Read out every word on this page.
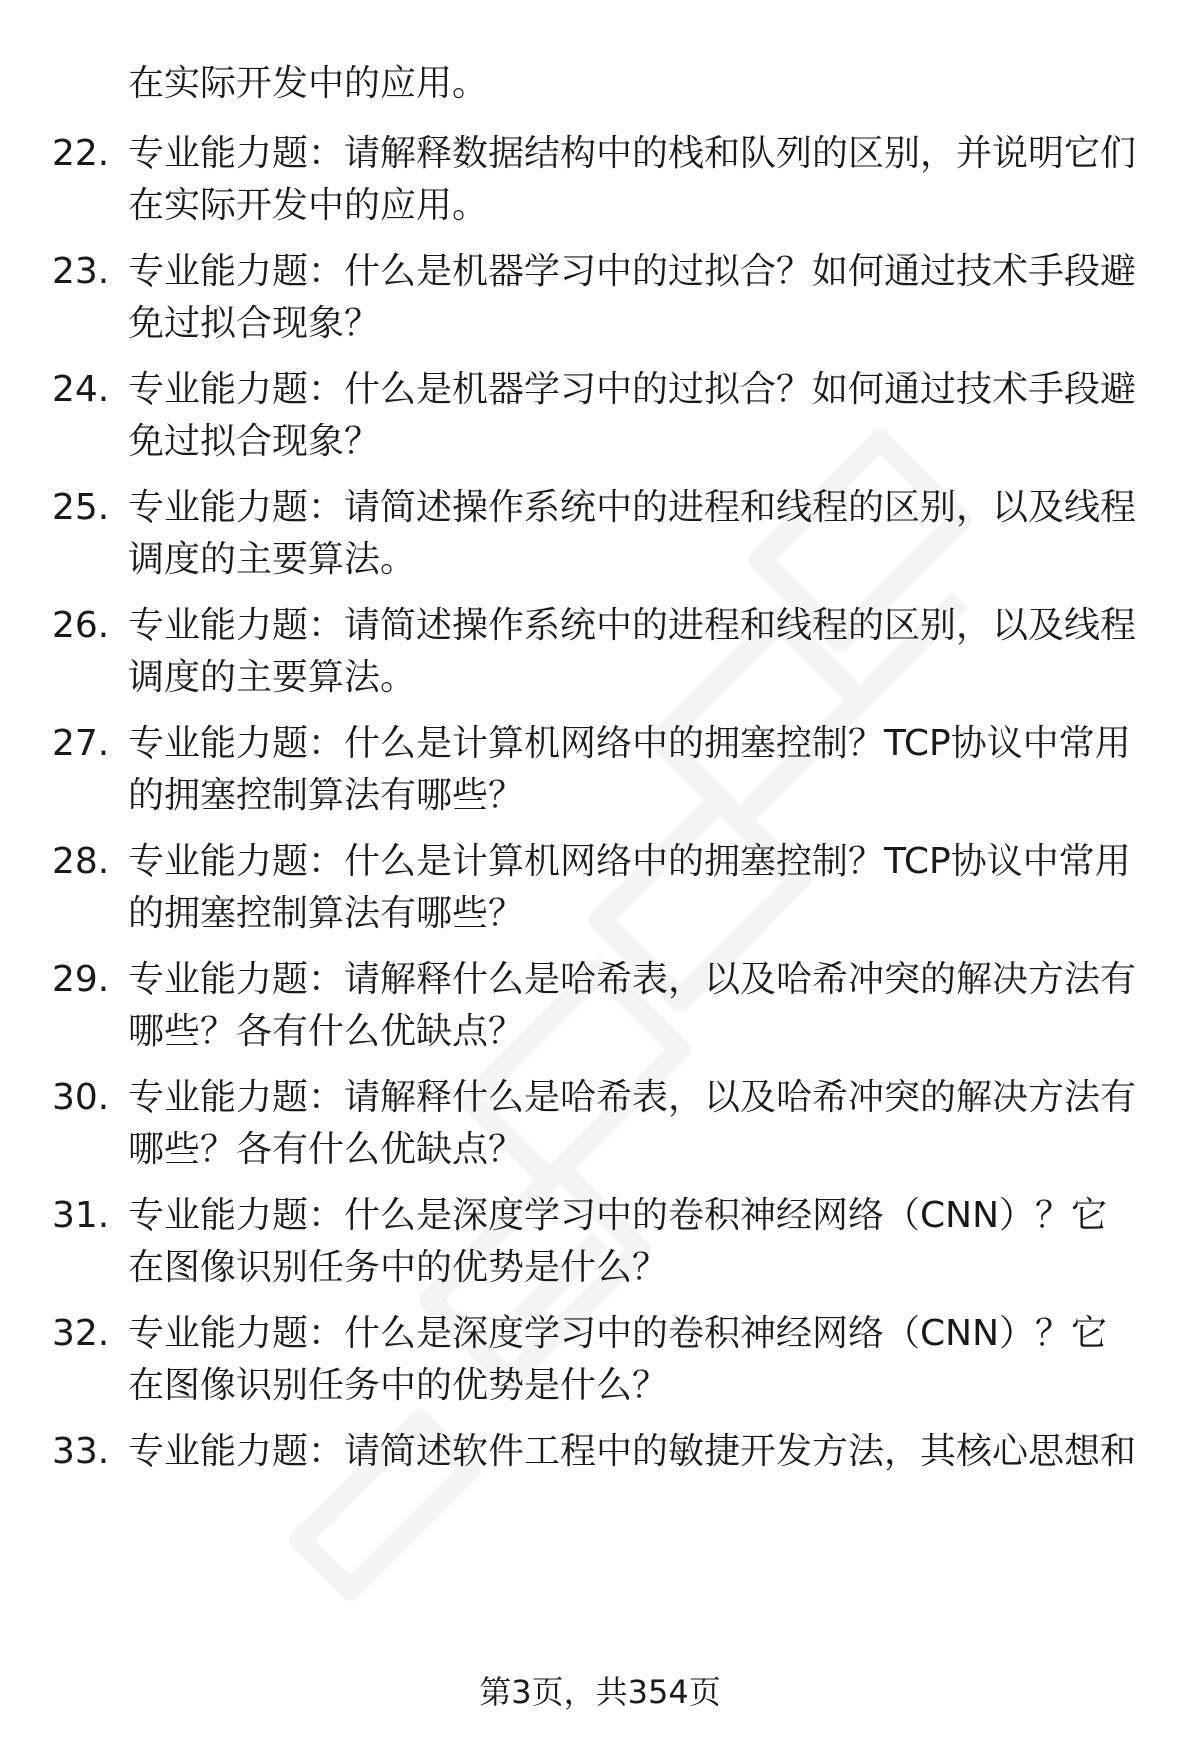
在实际开发中的应用。
22. 专业能力题：请解释数据结构中的栈和队列的区别，并说明它们在实际开发中的应用。
23. 专业能力题：什么是机器学习中的过拟合？如何通过技术手段避免过拟合现象？
24. 专业能力题：什么是机器学习中的过拟合？如何通过技术手段避免过拟合现象？
25. 专业能力题：请简述操作系统中的进程和线程的区别，以及线程调度的主要算法。
26. 专业能力题：请简述操作系统中的进程和线程的区别，以及线程调度的主要算法。
27. 专业能力题：什么是计算机网络中的拥塞控制？TCP协议中常用的拥塞控制算法有哪些？
28. 专业能力题：什么是计算机网络中的拥塞控制？TCP协议中常用的拥塞控制算法有哪些？
29. 专业能力题：请解释什么是哈希表，以及哈希冲突的解决方法有哪些？各有什么优缺点？
30. 专业能力题：请解释什么是哈希表，以及哈希冲突的解决方法有哪些？各有什么优缺点？
31. 专业能力题：什么是深度学习中的卷积神经网络（CNN）？它在图像识别任务中的优势是什么？
32. 专业能力题：什么是深度学习中的卷积神经网络（CNN）？它在图像识别任务中的优势是什么？
33. 专业能力题：请简述软件工程中的敏捷开发方法，其核心思想和
第3页，共354页
